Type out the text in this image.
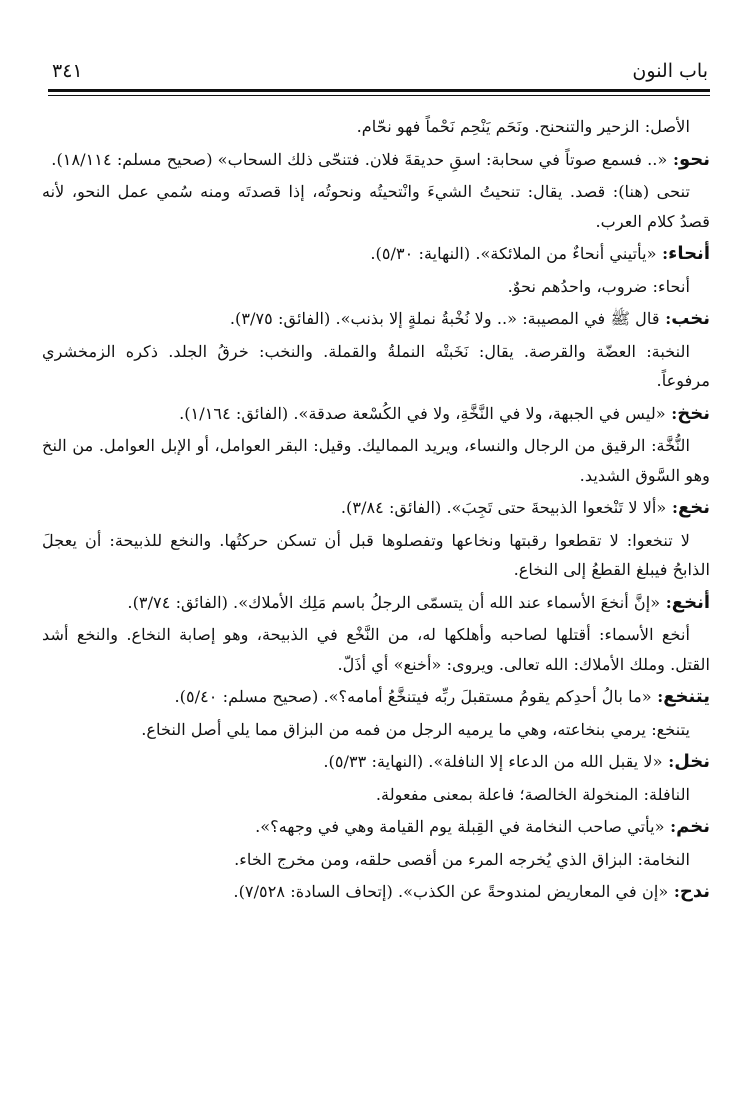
باب النون
٣٤١

الأصل: الزحير والتنحنح. ونَحَم يَنْحِم نَحْماً فهو نحّام.

نحو: «.. فسمع صوتاً في سحابة: اسقِ حديقةَ فلان. فتنحّى ذلك السحاب» (صحيح مسلم: ١٨/١١٤).

تنحى (هنا): قصد. يقال: تنحيتُ الشيءَ وانْتحيتُه ونحوتُه، إذا قصدتَه ومنه سُمي عمل النحو، لأنه قصدُ كلام العرب.

أنحاء: «يأتيني أنحاءٌ من الملائكة». (النهاية: ٥/٣٠).

أنحاء: ضروب، واحدُهم نحوٌ.

نخب: قال ﷺ في المصيبة: «.. ولا نُخْبةُ نملةٍ إلا بذنب». (الفائق: ٣/٧٥).

النخبة: العضّة والقرصة. يقال: نَخَبتْه النملةُ والقملة. والنخب: خرقُ الجلد. ذكره الزمخشري مرفوعاً.

نخخ: «ليس في الجبهة، ولا في النَّخَّةِ، ولا في الكُسْعة صدقة». (الفائق: ١/١٦٤).

النُّخَّة: الرقيق من الرجال والنساء، ويريد المماليك. وقيل: البقر العوامل، أو الإبل العوامل. من النخ وهو السَّوق الشديد.

نخع: «ألا لا تَنْخعوا الذبيحةَ حتى تَجِبَ». (الفائق: ٣/٨٤).

لا تنخعوا: لا تقطعوا رقبتها ونخاعها وتفصلوها قبل أن تسكن حركتُها. والنخع للذبيحة: أن يعجلَ الذابحُ فيبلغ القطعُ إلى النخاع.

أنخع: «إنَّ أنخعَ الأسماء عند الله أن يتسمّى الرجلُ باسم مَلِك الأملاك». (الفائق: ٣/٧٤).

أنخع الأسماء: أقتلها لصاحبه وأهلكها له، من النَّخْع في الذبيحة، وهو إصابة النخاع. والنخع أشد القتل. وملك الأملاك: الله تعالى. ويروى: «أخنع» أي أذَلّ.

يتنخع: «ما بالُ أحدِكم يقومُ مستقبلَ ربِّه فيتنخَّعُ أمامه؟». (صحيح مسلم: ٥/٤٠).

يتنخع: يرمي بنخاعته، وهي ما يرميه الرجل من فمه من البزاق مما يلي أصل النخاع.

نخل: «لا يقبل الله من الدعاء إلا النافلة». (النهاية: ٥/٣٣).

النافلة: المنخولة الخالصة؛ فاعلة بمعنى مفعولة.

نخم: «يأتي صاحب النخامة في القِبلة يوم القيامة وهي في وجهه؟».

النخامة: البزاق الذي يُخرجه المرء من أقصى حلقه، ومن مخرج الخاء.

ندح: «إن في المعاريض لمندوحةً عن الكذب». (إتحاف السادة: ٧/٥٢٨).
